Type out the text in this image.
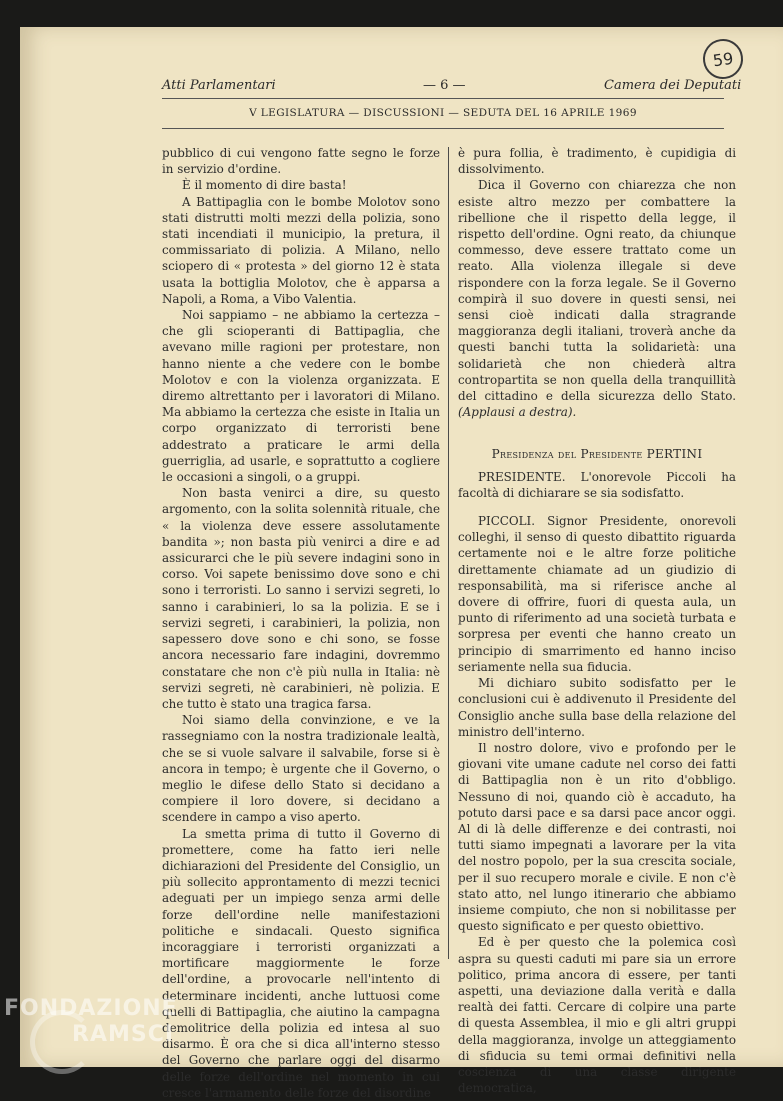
Atti Parlamentari	— 6 —	Camera dei Deputati
59
V LEGISLATURA — DISCUSSIONI — SEDUTA DEL 16 APRILE 1969

pubblico di cui vengono fatte segno le forze in servizio d'ordine.

È il momento di dire basta!

A Battipaglia con le bombe Molotov sono stati distrutti molti mezzi della polizia, sono stati incendiati il municipio, la pretura, il commissariato di polizia. A Milano, nello sciopero di « protesta » del giorno 12 è stata usata la bottiglia Molotov, che è apparsa a Napoli, a Roma, a Vibo Valentia.

Noi sappiamo – ne abbiamo la certezza – che gli scioperanti di Battipaglia, che avevano mille ragioni per protestare, non hanno niente a che vedere con le bombe Molotov e con la violenza organizzata. E diremo altrettanto per i lavoratori di Milano. Ma abbiamo la certezza che esiste in Italia un corpo organizzato di terroristi bene addestrato a praticare le armi della guerriglia, ad usarle, e soprattutto a cogliere le occasioni a singoli, o a gruppi.

Non basta venirci a dire, su questo argomento, con la solita solennità rituale, che « la violenza deve essere assolutamente bandita »; non basta più venirci a dire e ad assicurarci che le più severe indagini sono in corso. Voi sapete benissimo dove sono e chi sono i terroristi. Lo sanno i servizi segreti, lo sanno i carabinieri, lo sa la polizia. E se i servizi segreti, i carabinieri, la polizia, non sapessero dove sono e chi sono, se fosse ancora necessario fare indagini, dovremmo constatare che non c'è più nulla in Italia: nè servizi segreti, nè carabinieri, nè polizia. E che tutto è stato una tragica farsa.

Noi siamo della convinzione, e ve la rassegniamo con la nostra tradizionale lealtà, che se si vuole salvare il salvabile, forse si è ancora in tempo; è urgente che il Governo, o meglio le difese dello Stato si decidano a compiere il loro dovere, si decidano a scendere in campo a viso aperto.

La smetta prima di tutto il Governo di promettere, come ha fatto ieri nelle dichiarazioni del Presidente del Consiglio, un più sollecito approntamento di mezzi tecnici adeguati per un impiego senza armi delle forze dell'ordine nelle manifestazioni politiche e sindacali. Questo significa incoraggiare i terroristi organizzati a mortificare maggiormente le forze dell'ordine, a provocarle nell'intento di determinare incidenti, anche luttuosi come quelli di Battipaglia, che aiutino la campagna demolitrice della polizia ed intesa al suo disarmo. È ora che si dica all'interno stesso del Governo che parlare oggi del disarmo delle forze dell'ordine nel momento in cui cresce l'armamento delle forze del disordine

è pura follia, è tradimento, è cupidigia di dissolvimento.

Dica il Governo con chiarezza che non esiste altro mezzo per combattere la ribellione che il rispetto della legge, il rispetto dell'ordine. Ogni reato, da chiunque commesso, deve essere trattato come un reato. Alla violenza illegale si deve rispondere con la forza legale. Se il Governo compirà il suo dovere in questi sensi, nei sensi cioè indicati dalla stragrande maggioranza degli italiani, troverà anche da questi banchi tutta la solidarietà: una solidarietà che non chiederà altra contropartita se non quella della tranquillità del cittadino e della sicurezza dello Stato. (Applausi a destra).

Presidenza del Presidente PERTINI

PRESIDENTE. L'onorevole Piccoli ha facoltà di dichiarare se sia sodisfatto.

PICCOLI. Signor Presidente, onorevoli colleghi, il senso di questo dibattito riguarda certamente noi e le altre forze politiche direttamente chiamate ad un giudizio di responsabilità, ma si riferisce anche al dovere di offrire, fuori di questa aula, un punto di riferimento ad una società turbata e sorpresa per eventi che hanno creato un principio di smarrimento ed hanno inciso seriamente nella sua fiducia.

Mi dichiaro subito sodisfatto per le conclusioni cui è addivenuto il Presidente del Consiglio anche sulla base della relazione del ministro dell'interno.

Il nostro dolore, vivo e profondo per le giovani vite umane cadute nel corso dei fatti di Battipaglia non è un rito d'obbligo. Nessuno di noi, quando ciò è accaduto, ha potuto darsi pace e sa darsi pace ancor oggi. Al di là delle differenze e dei contrasti, noi tutti siamo impegnati a lavorare per la vita del nostro popolo, per la sua crescita sociale, per il suo recupero morale e civile. E non c'è stato atto, nel lungo itinerario che abbiamo insieme compiuto, che non si nobilitasse per questo significato e per questo obiettivo.

Ed è per questo che la polemica così aspra su questi caduti mi pare sia un errore politico, prima ancora di essere, per tanti aspetti, una deviazione dalla verità e dalla realtà dei fatti. Cercare di colpire una parte di questa Assemblea, il mio e gli altri gruppi della maggioranza, involge un atteggiamento di sfiducia su temi ormai definitivi nella coscienza di una classe dirigente democratica,

FONDAZIONE
RAMSCI
